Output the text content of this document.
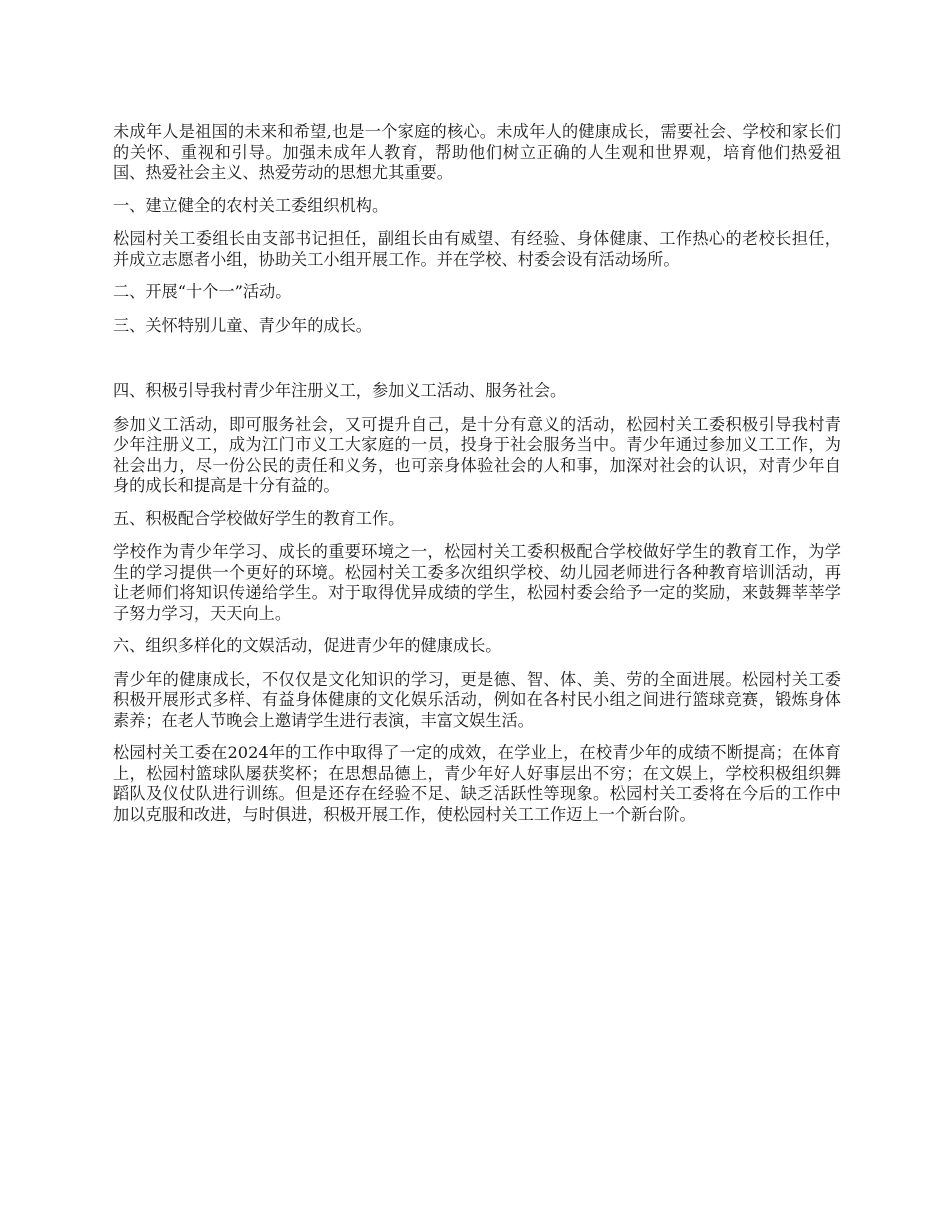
未成年人是祖国的未来和希望,也是一个家庭的核心。未成年人的健康成长，需要社会、学校和家长们的关怀、重视和引导。加强未成年人教育，帮助他们树立正确的人生观和世界观，培育他们热爱祖国、热爱社会主义、热爱劳动的思想尤其重要。

一、建立健全的农村关工委组织机构。

松园村关工委组长由支部书记担任，副组长由有威望、有经验、身体健康、工作热心的老校长担任，并成立志愿者小组，协助关工小组开展工作。并在学校、村委会设有活动场所。

二、开展“十个一”活动。

三、关怀特别儿童、青少年的成长。

四、积极引导我村青少年注册义工，参加义工活动、服务社会。

参加义工活动，即可服务社会，又可提升自己，是十分有意义的活动，松园村关工委积极引导我村青少年注册义工，成为江门市义工大家庭的一员，投身于社会服务当中。青少年通过参加义工工作，为社会出力，尽一份公民的责任和义务，也可亲身体验社会的人和事，加深对社会的认识，对青少年自身的成长和提高是十分有益的。

五、积极配合学校做好学生的教育工作。

学校作为青少年学习、成长的重要环境之一，松园村关工委积极配合学校做好学生的教育工作，为学生的学习提供一个更好的环境。松园村关工委多次组织学校、幼儿园老师进行各种教育培训活动，再让老师们将知识传递给学生。对于取得优异成绩的学生，松园村委会给予一定的奖励，来鼓舞莘莘学子努力学习，天天向上。

六、组织多样化的文娱活动，促进青少年的健康成长。

青少年的健康成长，不仅仅是文化知识的学习，更是德、智、体、美、劳的全面进展。松园村关工委积极开展形式多样、有益身体健康的文化娱乐活动，例如在各村民小组之间进行篮球竞赛，锻炼身体素养；在老人节晚会上邀请学生进行表演，丰富文娱生活。

松园村关工委在2024年的工作中取得了一定的成效，在学业上，在校青少年的成绩不断提高；在体育上，松园村篮球队屡获奖杯；在思想品德上，青少年好人好事层出不穷；在文娱上，学校积极组织舞蹈队及仪仗队进行训练。但是还存在经验不足、缺乏活跃性等现象。松园村关工委将在今后的工作中加以克服和改进，与时俱进，积极开展工作，使松园村关工工作迈上一个新台阶。
